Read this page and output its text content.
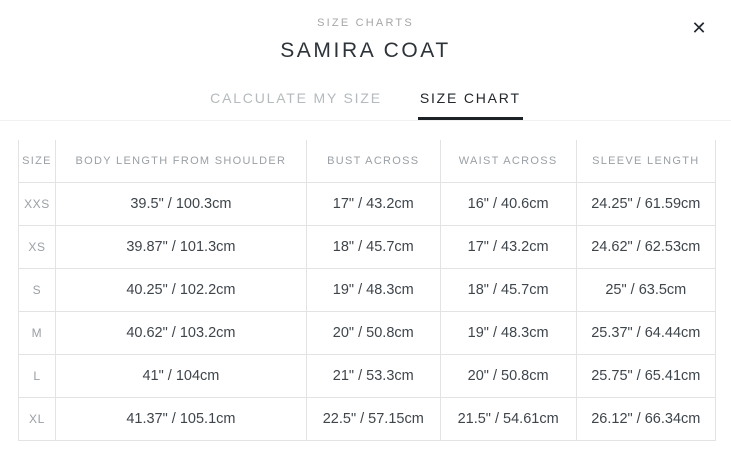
SIZE CHARTS
SAMIRA COAT
✕
CALCULATE MY SIZE	SIZE CHART
SIZE	BODY LENGTH FROM SHOULDER	BUST ACROSS	WAIST ACROSS	SLEEVE LENGTH
XXS	39.5" / 100.3cm	17" / 43.2cm	16" / 40.6cm	24.25" / 61.59cm
XS	39.87" / 101.3cm	18" / 45.7cm	17" / 43.2cm	24.62" / 62.53cm
S	40.25" / 102.2cm	19" / 48.3cm	18" / 45.7cm	25" / 63.5cm
M	40.62" / 103.2cm	20" / 50.8cm	19" / 48.3cm	25.37" / 64.44cm
L	41" / 104cm	21" / 53.3cm	20" / 50.8cm	25.75" / 65.41cm
XL	41.37" / 105.1cm	22.5" / 57.15cm	21.5" / 54.61cm	26.12" / 66.34cm
